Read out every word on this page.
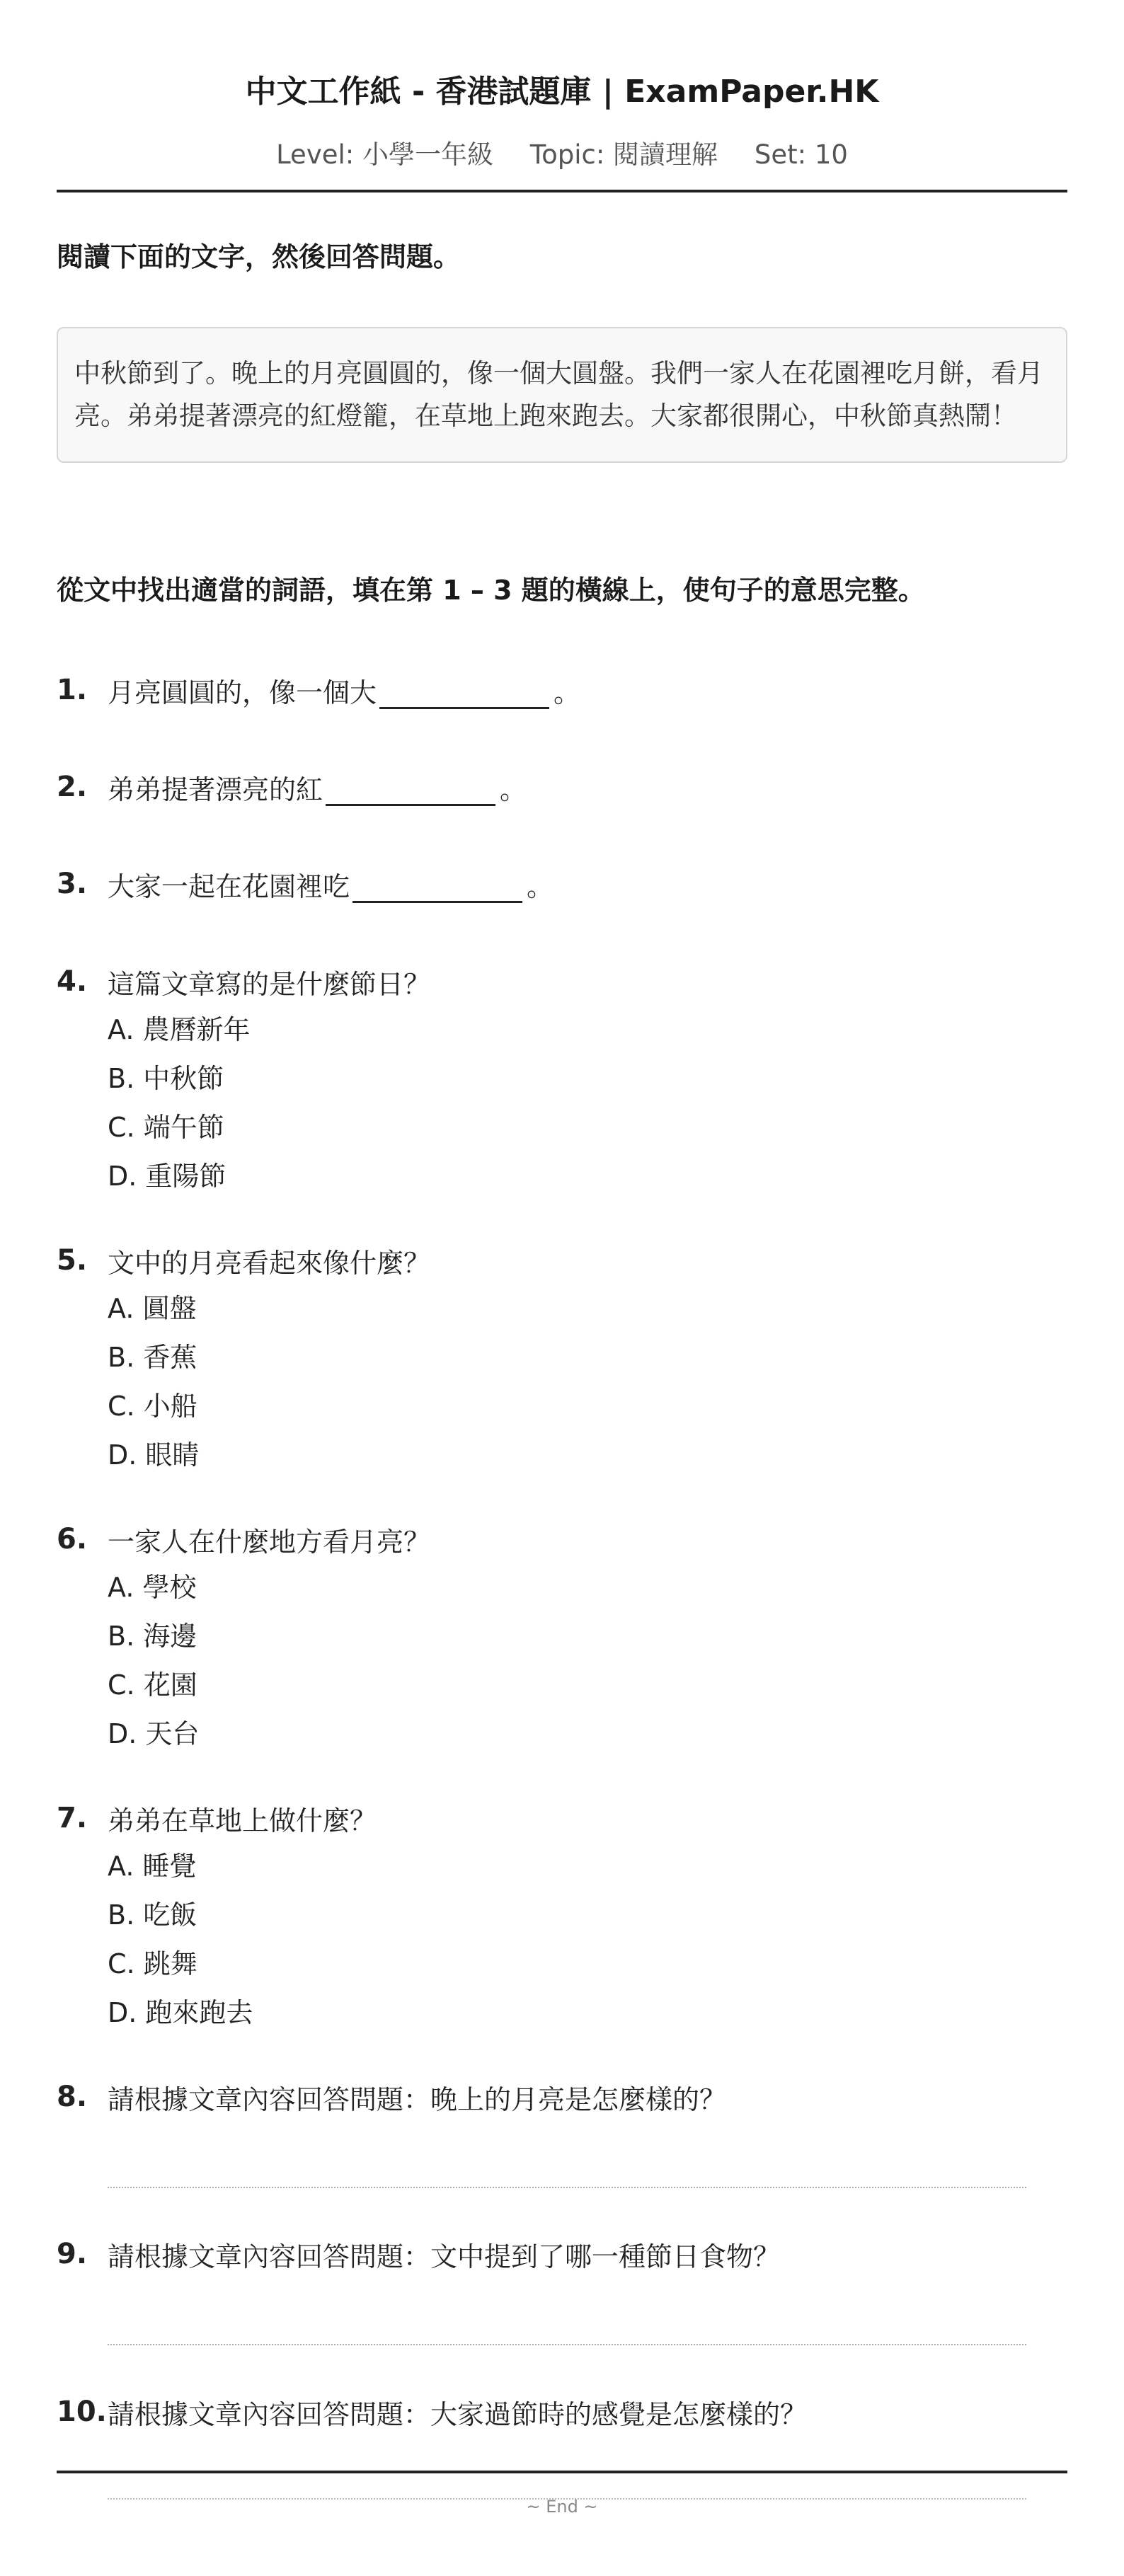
中文工作紙 - 香港試題庫 | ExamPaper.HK
Level: 小學一年級 Topic: 閱讀理解 Set: 10
閱讀下面的文字，然後回答問題。
中秋節到了。晚上的月亮圓圓的，像一個大圓盤。我們一家人在花園裡吃月餅，看月亮。弟弟提著漂亮的紅燈籠，在草地上跑來跑去。大家都很開心，中秋節真熱鬧！
從文中找出適當的詞語，填在第 1 – 3 題的橫線上，使句子的意思完整。
1. 月亮圓圓的，像一個大	。
2. 弟弟提著漂亮的紅	。
3. 大家一起在花園裡吃	。
4. 這篇文章寫的是什麼節日？
A. 農曆新年
B. 中秋節
C. 端午節
D. 重陽節
5. 文中的月亮看起來像什麼？
A. 圓盤
B. 香蕉
C. 小船
D. 眼睛
6. 一家人在什麼地方看月亮？
A. 學校
B. 海邊
C. 花園
D. 天台
7. 弟弟在草地上做什麼？
A. 睡覺
B. 吃飯
C. 跳舞
D. 跑來跑去
8. 請根據文章內容回答問題：晚上的月亮是怎麼樣的？
9. 請根據文章內容回答問題：文中提到了哪一種節日食物？
10. 請根據文章內容回答問題：大家過節時的感覺是怎麼樣的？
~ End ~
